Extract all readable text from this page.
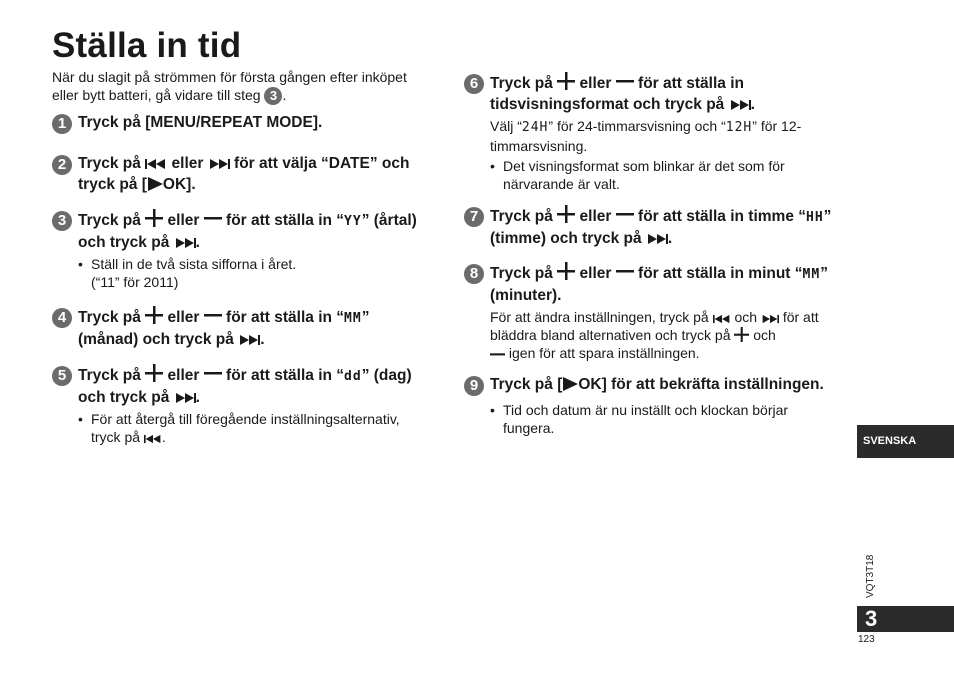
Ställa in tid
När du slagit på strömmen för första gången efter inköpet eller bytt batteri, gå vidare till steg 3 .
1 Tryck på [MENU/REPEAT MODE].
2 Tryck på eller för att välja “DATE” och tryck på [ OK].
3 Tryck på eller för att ställa in “YY” (årtal) och tryck på .
• Ställ in de två sista sifforna i året.
(“11” för 2011)
4 Tryck på eller för att ställa in “MM” (månad) och tryck på .
5 Tryck på eller för att ställa in “dd” (dag) och tryck på .
• För att återgå till föregående inställningsalternativ, tryck på .
6 Tryck på eller för att ställa in tidsvisningsformat och tryck på .
Välj “24H” för 24-timmarsvisning och “12H” för 12-timmarsvisning.
• Det visningsformat som blinkar är det som för närvarande är valt.
7 Tryck på eller för att ställa in timme “HH” (timme) och tryck på .
8 Tryck på eller för att ställa in minut “MM” (minuter).
För att ändra inställningen, tryck på och för att bläddra bland alternativen och tryck på och
igen för att spara inställningen.
9 Tryck på [ OK] för att bekräfta inställningen.
• Tid och datum är nu inställt och klockan börjar fungera.
SVENSKA
VQT3T18
3
123
